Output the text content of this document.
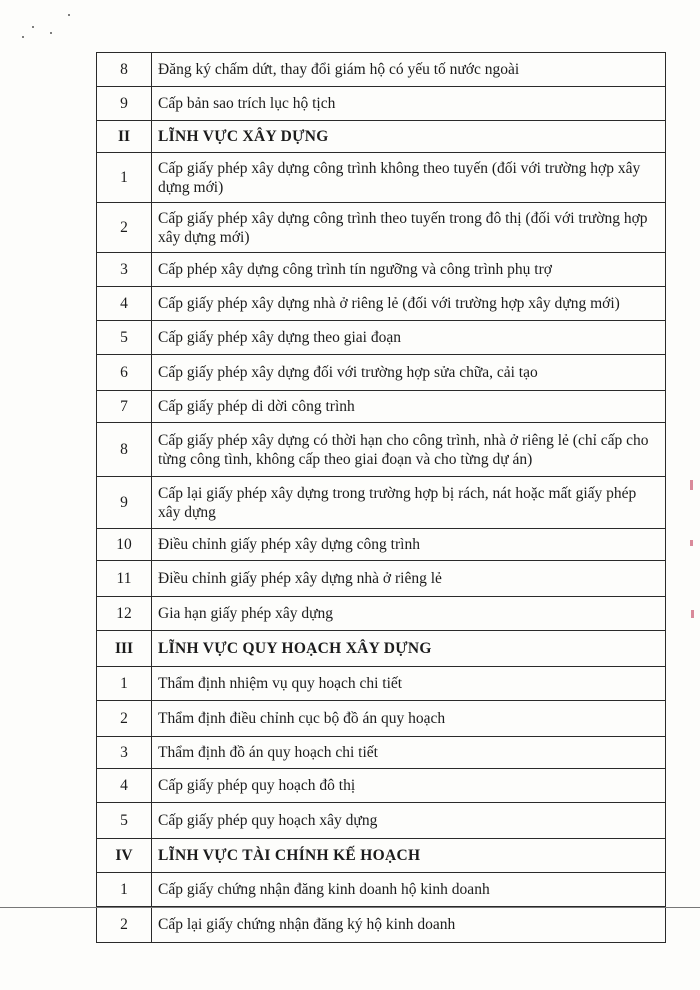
8	Đăng ký chấm dứt, thay đổi giám hộ có yếu tố nước ngoài
9	Cấp bản sao trích lục hộ tịch
II	LĨNH VỰC XÂY DỰNG
1	Cấp giấy phép xây dựng công trình không theo tuyến (đối với trường hợp xây dựng mới)
2	Cấp giấy phép xây dựng công trình theo tuyến trong đô thị (đối với trường hợp xây dựng mới)
3	Cấp phép xây dựng công trình tín ngưỡng và công trình phụ trợ
4	Cấp giấy phép xây dựng nhà ở riêng lẻ (đối với trường hợp xây dựng mới)
5	Cấp giấy phép xây dựng theo giai đoạn
6	Cấp giấy phép xây dựng đối với trường hợp sửa chữa, cải tạo
7	Cấp giấy phép di dời công trình
8	Cấp giấy phép xây dựng có thời hạn cho công trình, nhà ở riêng lẻ (chỉ cấp cho từng công tình, không cấp theo giai đoạn và cho từng dự án)
9	Cấp lại giấy phép xây dựng trong trường hợp bị rách, nát hoặc mất giấy phép xây dựng
10	Điều chỉnh giấy phép xây dựng công trình
11	Điều chỉnh giấy phép xây dựng nhà ở riêng lẻ
12	Gia hạn giấy phép xây dựng
III	LĨNH VỰC QUY HOẠCH XÂY DỰNG
1	Thẩm định nhiệm vụ quy hoạch chi tiết
2	Thẩm định điều chỉnh cục bộ đồ án quy hoạch
3	Thẩm định đồ án quy hoạch chi tiết
4	Cấp giấy phép quy hoạch đô thị
5	Cấp giấy phép quy hoạch xây dựng
IV	LĨNH VỰC TÀI CHÍNH KẾ HOẠCH
1	Cấp giấy chứng nhận đăng kinh doanh hộ kinh doanh
2	Cấp lại giấy chứng nhận đăng ký hộ kinh doanh
